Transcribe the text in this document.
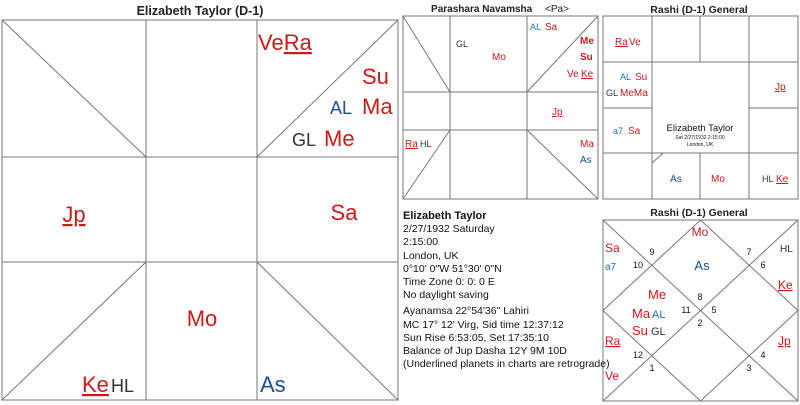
Elizabeth Taylor (D-1)	Parashara Navamsha <Pa>	Rashi (D-1) General
Rashi (D-1) General
VeRa
Su
AL Ma
GL Me
Jp	Sa
Mo
Ke HL	As
GL
Mo
AL Sa
Me
Su
Ve Ke
Jp
Ra HL	Ma
As
Ra Ve
AL Su
GL MeMa
a7 Sa
Jp
As	Mo	HL Ke
Elizabeth Taylor
Sat 2/27/1932 2:15:00
London, UK
9
10
7
6
8
11
2
5
12
1
4
3
Mo
Sa
a7	As
HL
Ke
Me
Ma AL
Su GL
Ra	Jp
Ve
Elizabeth Taylor
2/27/1932 Saturday
2:15:00
London, UK
0°10' 0"W 51°30' 0"N
Time Zone 0: 0: 0 E
No daylight saving
Ayanamsa 22°54'36" Lahiri
MC 17° 12' Virg, Sid time 12:37:12
Sun Rise 6:53:05, Set 17:35:10
Balance of Jup Dasha 12Y 9M 10D
(Underlined planets in charts are retrograde)
